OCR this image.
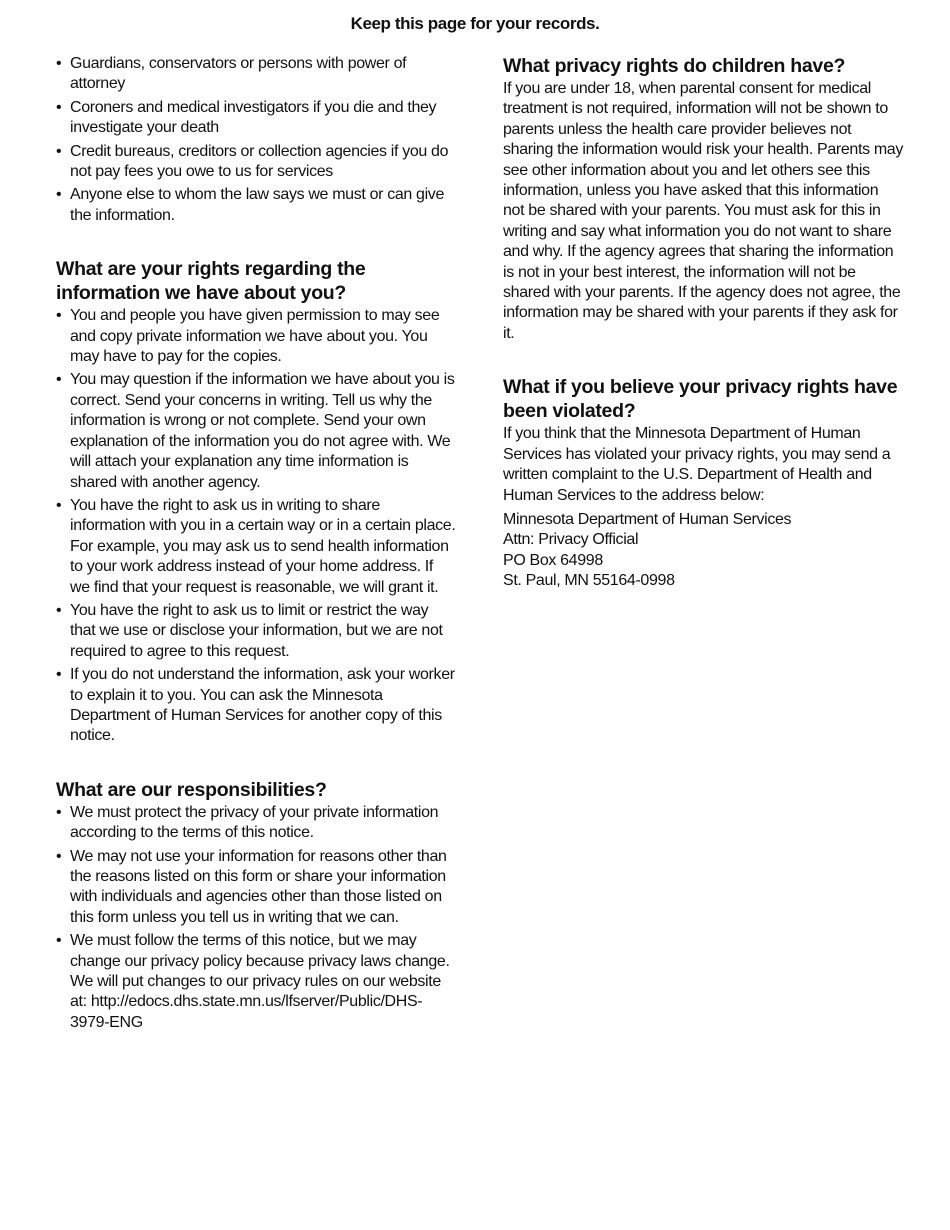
Keep this page for your records.
• Guardians, conservators or persons with power of attorney
• Coroners and medical investigators if you die and they investigate your death
• Credit bureaus, creditors or collection agencies if you do not pay fees you owe to us for services
• Anyone else to whom the law says we must or can give the information.
What are your rights regarding the information we have about you?
• You and people you have given permission to may see and copy private information we have about you. You may have to pay for the copies.
• You may question if the information we have about you is correct. Send your concerns in writing. Tell us why the information is wrong or not complete. Send your own explanation of the information you do not agree with. We will attach your explanation any time information is shared with another agency.
• You have the right to ask us in writing to share information with you in a certain way or in a certain place. For example, you may ask us to send health information to your work address instead of your home address. If we find that your request is reasonable, we will grant it.
• You have the right to ask us to limit or restrict the way that we use or disclose your information, but we are not required to agree to this request.
• If you do not understand the information, ask your worker to explain it to you. You can ask the Minnesota Department of Human Services for another copy of this notice.
What are our responsibilities?
• We must protect the privacy of your private information according to the terms of this notice.
• We may not use your information for reasons other than the reasons listed on this form or share your information with individuals and agencies other than those listed on this form unless you tell us in writing that we can.
• We must follow the terms of this notice, but we may change our privacy policy because privacy laws change. We will put changes to our privacy rules on our website at: http://edocs.dhs.state.mn.us/lfserver/Public/DHS-3979-ENG
What privacy rights do children have?

If you are under 18, when parental consent for medical treatment is not required, information will not be shown to parents unless the health care provider believes not sharing the information would risk your health. Parents may see other information about you and let others see this information, unless you have asked that this information not be shared with your parents. You must ask for this in writing and say what information you do not want to share and why. If the agency agrees that sharing the information is not in your best interest, the information will not be shared with your parents. If the agency does not agree, the information may be shared with your parents if they ask for it.

What if you believe your privacy rights have been violated?

If you think that the Minnesota Department of Human Services has violated your privacy rights, you may send a written complaint to the U.S. Department of Health and Human Services to the address below:

Minnesota Department of Human Services
Attn: Privacy Official
PO Box 64998
St. Paul, MN 55164-0998
